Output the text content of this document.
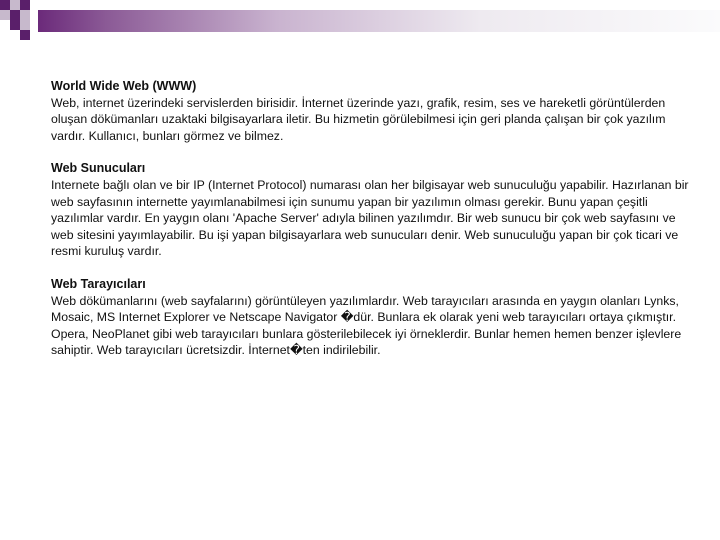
World Wide Web (WWW)

Web, internet üzerindeki servislerden birisidir. İnternet üzerinde yazı, grafik, resim, ses ve hareketli görüntülerden oluşan dökümanları uzaktaki bilgisayarlara iletir. Bu hizmetin görülebilmesi için geri planda çalışan bir çok yazılım vardır. Kullanıcı, bunları görmez ve bilmez.

Web Sunucuları

Internete bağlı olan ve bir IP (Internet Protocol) numarası olan her bilgisayar web sunuculuğu yapabilir. Hazırlanan bir web sayfasının internette yayımlanabilmesi için sunumu yapan bir yazılımın olması gerekir. Bunu yapan çeşitli yazılımlar vardır. En yaygın olanı 'Apache Server' adıyla bilinen yazılımdır. Bir web sunucu bir çok web sayfasını ve web sitesini yayımlayabilir. Bu işi yapan bilgisayarlara web sunucuları denir. Web sunuculuğu yapan bir çok ticari ve resmi kuruluş vardır.

Web Tarayıcıları

Web dökümanlarını (web sayfalarını) görüntüleyen yazılımlardır. Web tarayıcıları arasında en yaygın olanları Lynks, Mosaic, MS Internet Explorer ve Netscape Navigator �dür. Bunlara ek olarak yeni web tarayıcıları ortaya çıkmıştır. Opera, NeoPlanet gibi web tarayıcıları bunlara gösterilebilecek iyi örneklerdir. Bunlar hemen hemen benzer işlevlere sahiptir. Web tarayıcıları ücretsizdir. İnternet�ten indirilebilir.
